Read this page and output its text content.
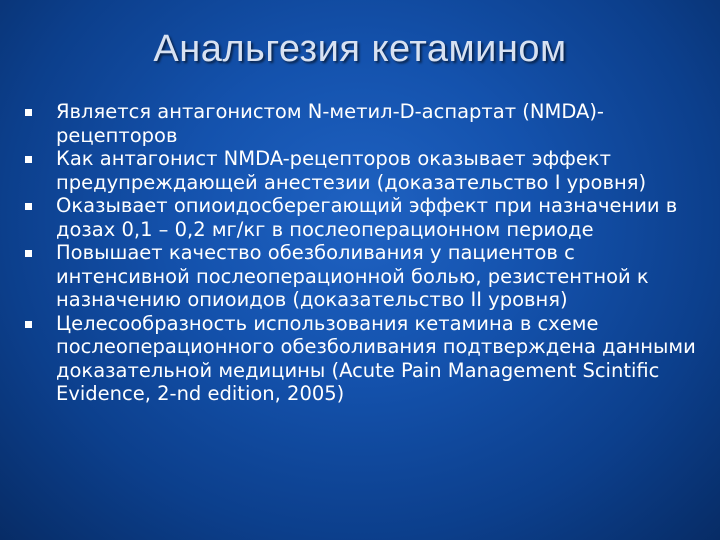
Анальгезия кетамином
Является антагонистом N-метил-D-аспартат (NMDA)-рецепторов
Как антагонист NMDA-рецепторов оказывает эффект предупреждающей анестезии (доказательство I уровня)
Оказывает опиоидосберегающий эффект при назначении в дозах 0,1 – 0,2 мг/кг в послеоперационном периоде
Повышает качество обезболивания у пациентов с интенсивной послеоперационной болью, резистентной к назначению опиоидов (доказательство II уровня)
Целесообразность использования кетамина в схеме послеоперационного обезболивания подтверждена данными доказательной медицины (Acute Pain Management Scintific Evidence, 2-nd edition, 2005)
